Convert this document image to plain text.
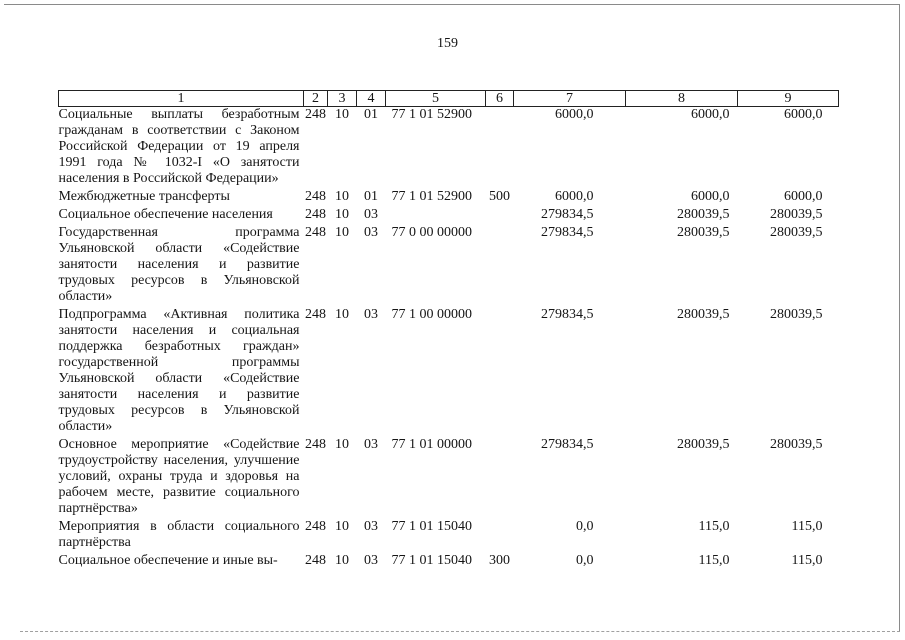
159
1	2	3	4	5	6	7	8	9
Социальные выплаты безработным гражданам в соответствии с Законом Российской Федерации от 19 апреля 1991 года № 1032-I «О занятости населения в Российской Федерации»	248	10	01	77 1 01 52900		6000,0	6000,0	6000,0
Межбюджетные трансферты	248	10	01	77 1 01 52900	500	6000,0	6000,0	6000,0
Социальное обеспечение населения	248	10	03			279834,5	280039,5	280039,5
Государственная программа Ульяновской области «Содействие занятости населения и развитие трудовых ресурсов в Ульяновской области»	248	10	03	77 0 00 00000		279834,5	280039,5	280039,5
Подпрограмма «Активная политика занятости населения и социальная поддержка безработных граждан» государственной программы Ульяновской области «Содействие занятости населения и развитие трудовых ресурсов в Ульяновской области»	248	10	03	77 1 00 00000		279834,5	280039,5	280039,5
Основное мероприятие «Содействие трудоустройству населения, улучшение условий, охраны труда и здоровья на рабочем месте, развитие социального партнёрства»	248	10	03	77 1 01 00000		279834,5	280039,5	280039,5
Мероприятия в области социального партнёрства	248	10	03	77 1 01 15040		0,0	115,0	115,0
Социальное обеспечение и иные вы-	248	10	03	77 1 01 15040	300	0,0	115,0	115,0
